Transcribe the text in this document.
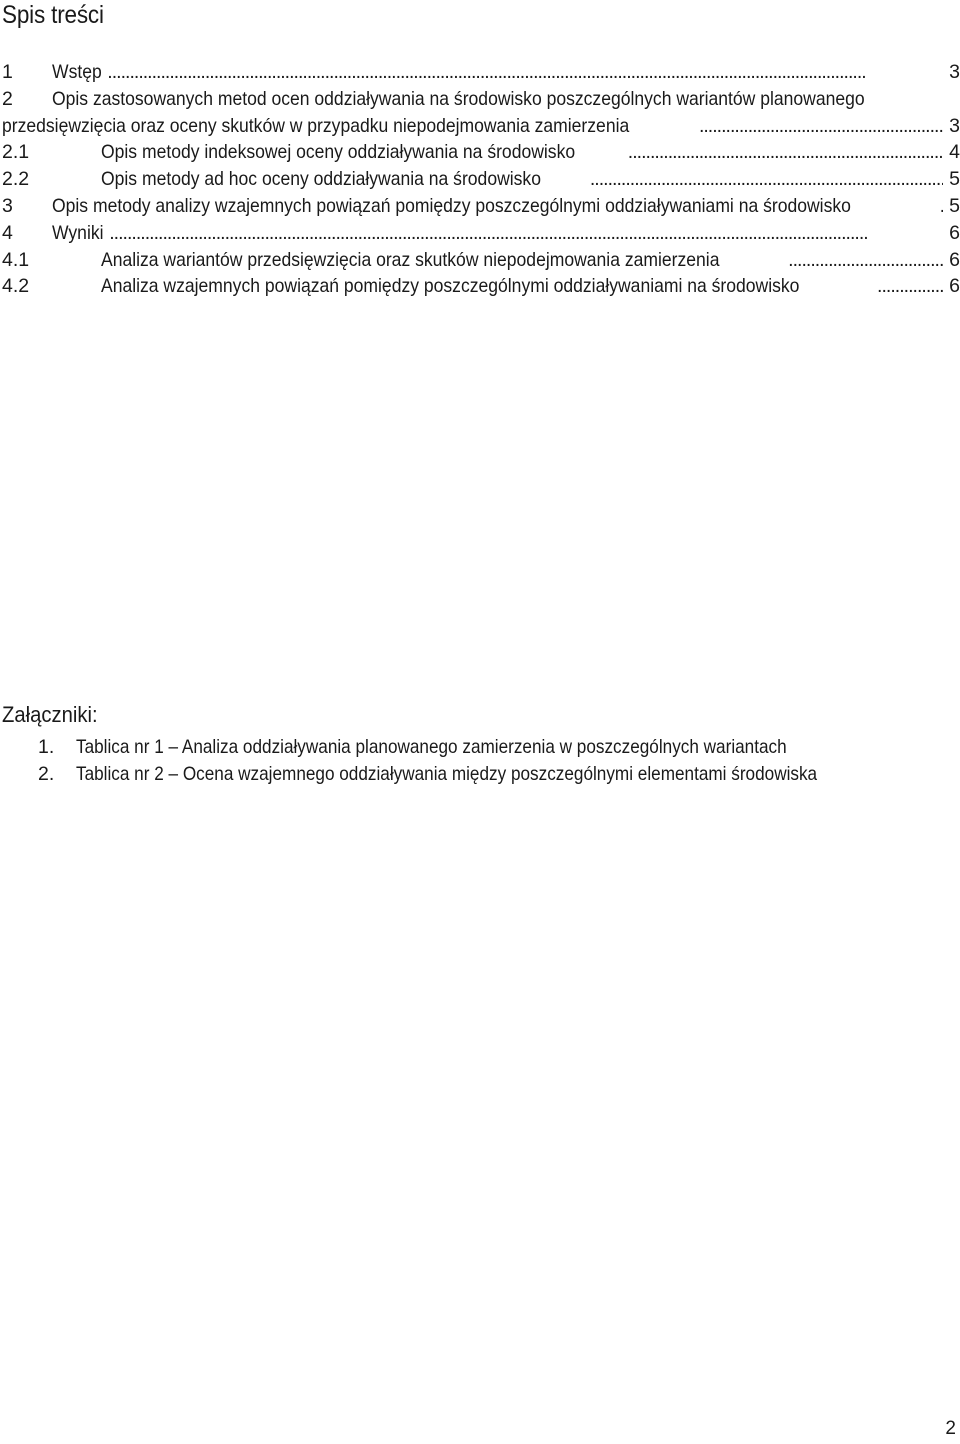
Spis treści
1 Wstęp . . .	3
2 Opis zastosowanych metod ocen oddziaływania na środowisko poszczególnych wariantów planowanego
przedsięwzięcia oraz oceny skutków w przypadku niepodejmowania zamierzenia . . .	3
2.1	Opis metody indeksowej oceny oddziaływania na środowisko . . .	4
2.2	Opis metody ad hoc oceny oddziaływania na środowisko . . .	5
3 Opis metody analizy wzajemnych powiązań pomiędzy poszczególnymi oddziaływaniami na środowisko . . .	5
4 Wyniki . . .	6
4.1	Analiza wariantów przedsięwzięcia oraz skutków niepodejmowania zamierzenia . . .	6
4.2	Analiza wzajemnych powiązań pomiędzy poszczególnymi oddziaływaniami na środowisko . . .	6
Załączniki:
1. Tablica nr 1 – Analiza oddziaływania planowanego zamierzenia w poszczególnych wariantach
2. Tablica nr 2 – Ocena wzajemnego oddziaływania między poszczególnymi elementami środowiska
2
